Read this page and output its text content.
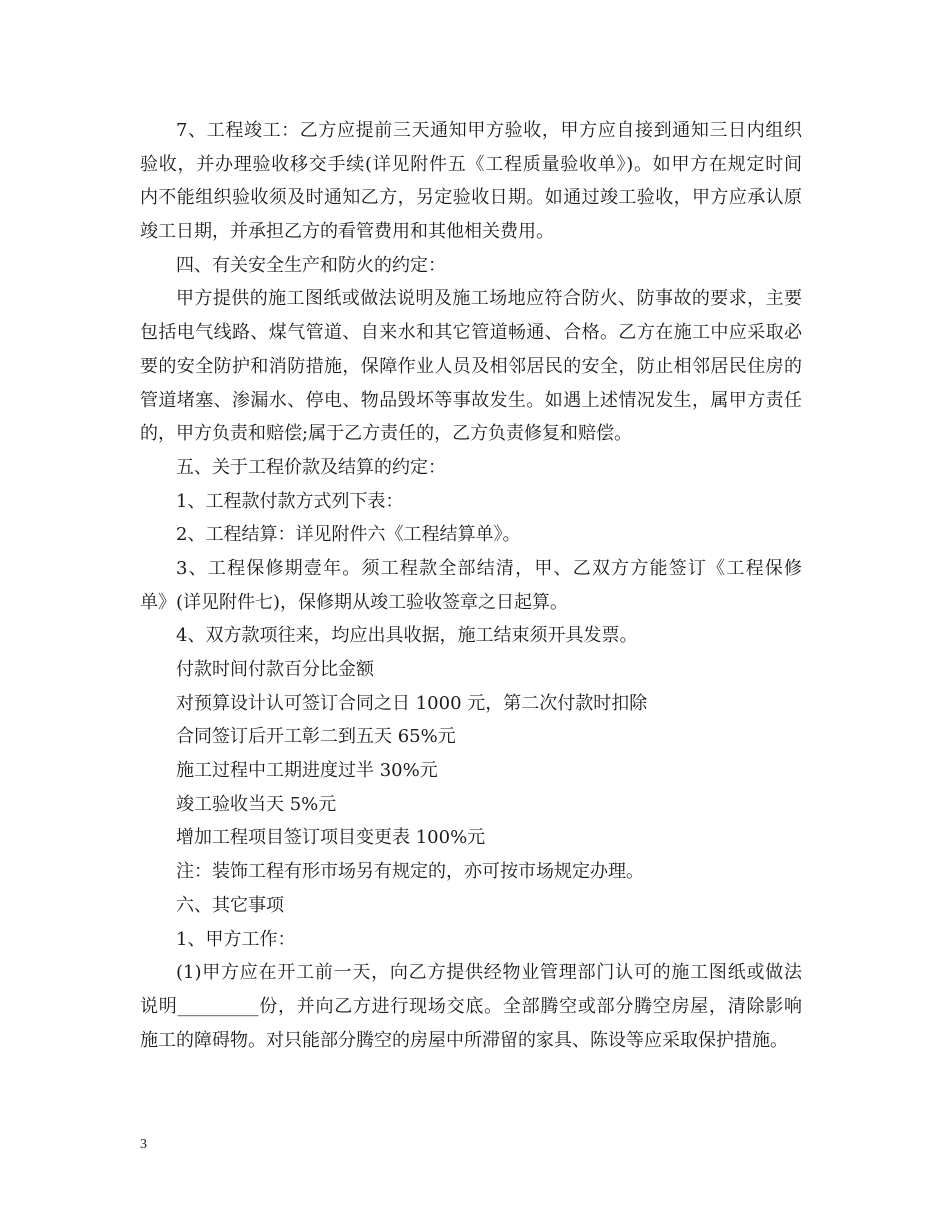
7、工程竣工：乙方应提前三天通知甲方验收，甲方应自接到通知三日内组织
验收，并办理验收移交手续(详见附件五《工程质量验收单》)。如甲方在规定时间
内不能组织验收须及时通知乙方，另定验收日期。如通过竣工验收，甲方应承认原
竣工日期，并承担乙方的看管费用和其他相关费用。
四、有关安全生产和防火的约定：
甲方提供的施工图纸或做法说明及施工场地应符合防火、防事故的要求，主要
包括电气线路、煤气管道、自来水和其它管道畅通、合格。乙方在施工中应采取必
要的安全防护和消防措施，保障作业人员及相邻居民的安全，防止相邻居民住房的
管道堵塞、渗漏水、停电、物品毁坏等事故发生。如遇上述情况发生，属甲方责任
的，甲方负责和赔偿;属于乙方责任的，乙方负责修复和赔偿。
五、关于工程价款及结算的约定：
1、工程款付款方式列下表：
2、工程结算：详见附件六《工程结算单》。
3、工程保修期壹年。须工程款全部结清，甲、乙双方方能签订《工程保修
单》(详见附件七)，保修期从竣工验收签章之日起算。
4、双方款项往来，均应出具收据，施工结束须开具发票。
付款时间付款百分比金额
对预算设计认可签订合同之日 1000 元，第二次付款时扣除
合同签订后开工彰二到五天 65%元
施工过程中工期进度过半 30%元
竣工验收当天 5%元
增加工程项目签订项目变更表 100%元
注：装饰工程有形市场另有规定的，亦可按市场规定办理。
六、其它事项
1、甲方工作：
(1)甲方应在开工前一天，向乙方提供经物业管理部门认可的施工图纸或做法
说明_________份，并向乙方进行现场交底。全部腾空或部分腾空房屋，清除影响
施工的障碍物。对只能部分腾空的房屋中所滞留的家具、陈设等应采取保护措施。
3
